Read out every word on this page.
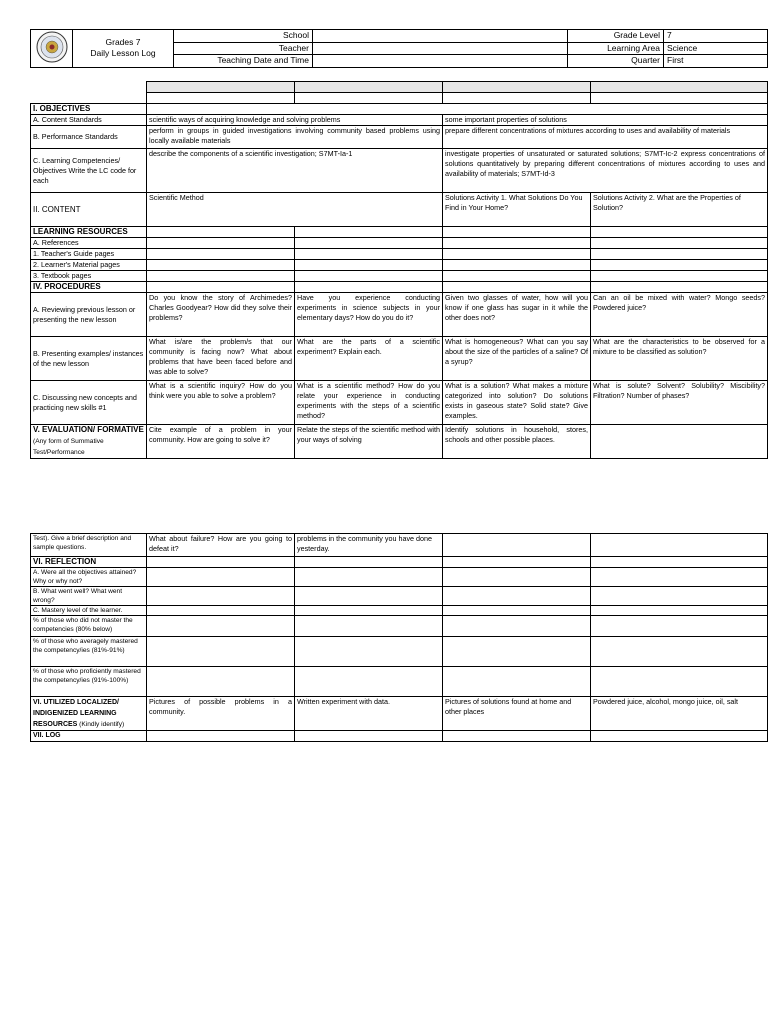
Grades 7
Daily Lesson Log	School		Grade Level	7
		Teacher		Learning Area	Science
		Teaching Date and Time		Quarter	First

I. OBJECTIVES				
A. Content Standards	scientific ways of acquiring knowledge and solving problems		some important properties of solutions	
B. Performance Standards	perform in groups in guided investigations involving community based problems using locally available materials		prepare different concentrations of mixtures according to uses and availability of materials	
C. Learning Competencies/ Objectives Write the LC code for each	describe the components of a scientific investigation; S7MT-Ia-1		investigate properties of unsaturated or saturated solutions; S7MT-Ic-2 express concentrations of solutions quantitatively by preparing different concentrations of mixtures according to uses and availability of materials; S7MT-Id-3	
II. CONTENT	Scientific Method		Solutions Activity 1. What Solutions Do You Find in Your Home?	Solutions Activity 2. What are the Properties of Solution?
LEARNING RESOURCES				
A. References				
1. Teacher's Guide pages				
2. Learner's Material pages				
3. Textbook pages				
IV. PROCEDURES				
A. Reviewing previous lesson or presenting the new lesson	Do you know the story of Archimedes? Charles Goodyear? How did they solve their problems?	Have you experience conducting experiments in science subjects in your elementary days? How do you do it?	Given two glasses of water, how will you know if one glass has sugar in it while the other does not?	Can an oil be mixed with water? Mongo seeds? Powdered juice?
B. Presenting examples/ instances of the new lesson	What is/are the problem/s that our community is facing now? What about problems that have been faced before and was able to solve?	What are the parts of a scientific experiment? Explain each.	What is homogeneous? What can you say about the size of the particles of a saline? Of a syrup?	What are the characteristics to be observed for a mixture to be classified as solution?
C. Discussing new concepts and practicing new skills #1	What is a scientific inquiry? How do you think were you able to solve a problem?	What is a scientific method? How do you relate your experience in conducting experiments with the steps of a scientific method?	What is a solution? What makes a mixture categorized into solution? Do solutions exists in gaseous state? Solid state? Give examples.	What is solute? Solvent? Solubility? Miscibility? Filtration? Number of phases?
V. EVALUATION/ FORMATIVE (Any form of Summative Test/Performance	Cite example of a problem in your community. How are going to solve it?	Relate the steps of the scientific method with your ways of solving	Identify solutions in household, stores, schools and other possible places.	
Test). Give a brief description and sample questions.	What about failure? How are you going to defeat it?	problems in the community you have done yesterday.		
VI. REFLECTION				
A. Were all the objectives attained? Why or why not?				
B. What went well? What went wrong?				
C. Mastery level of the learner.				
% of those who did not master the competencies (80% below)				
% of those who averagely mastered the competency/ies (81%-91%)				
% of those who proficiently mastered the competency/ies (91%-100%)				
VI. UTILIZED LOCALIZED/ INDIGENIZED LEARNING RESOURCES (Kindly identify)	Pictures of possible problems in a community.	Written experiment with data.	Pictures of solutions found at home and other places	Powdered juice, alcohol, mongo juice, oil, salt
VII. LOG				
